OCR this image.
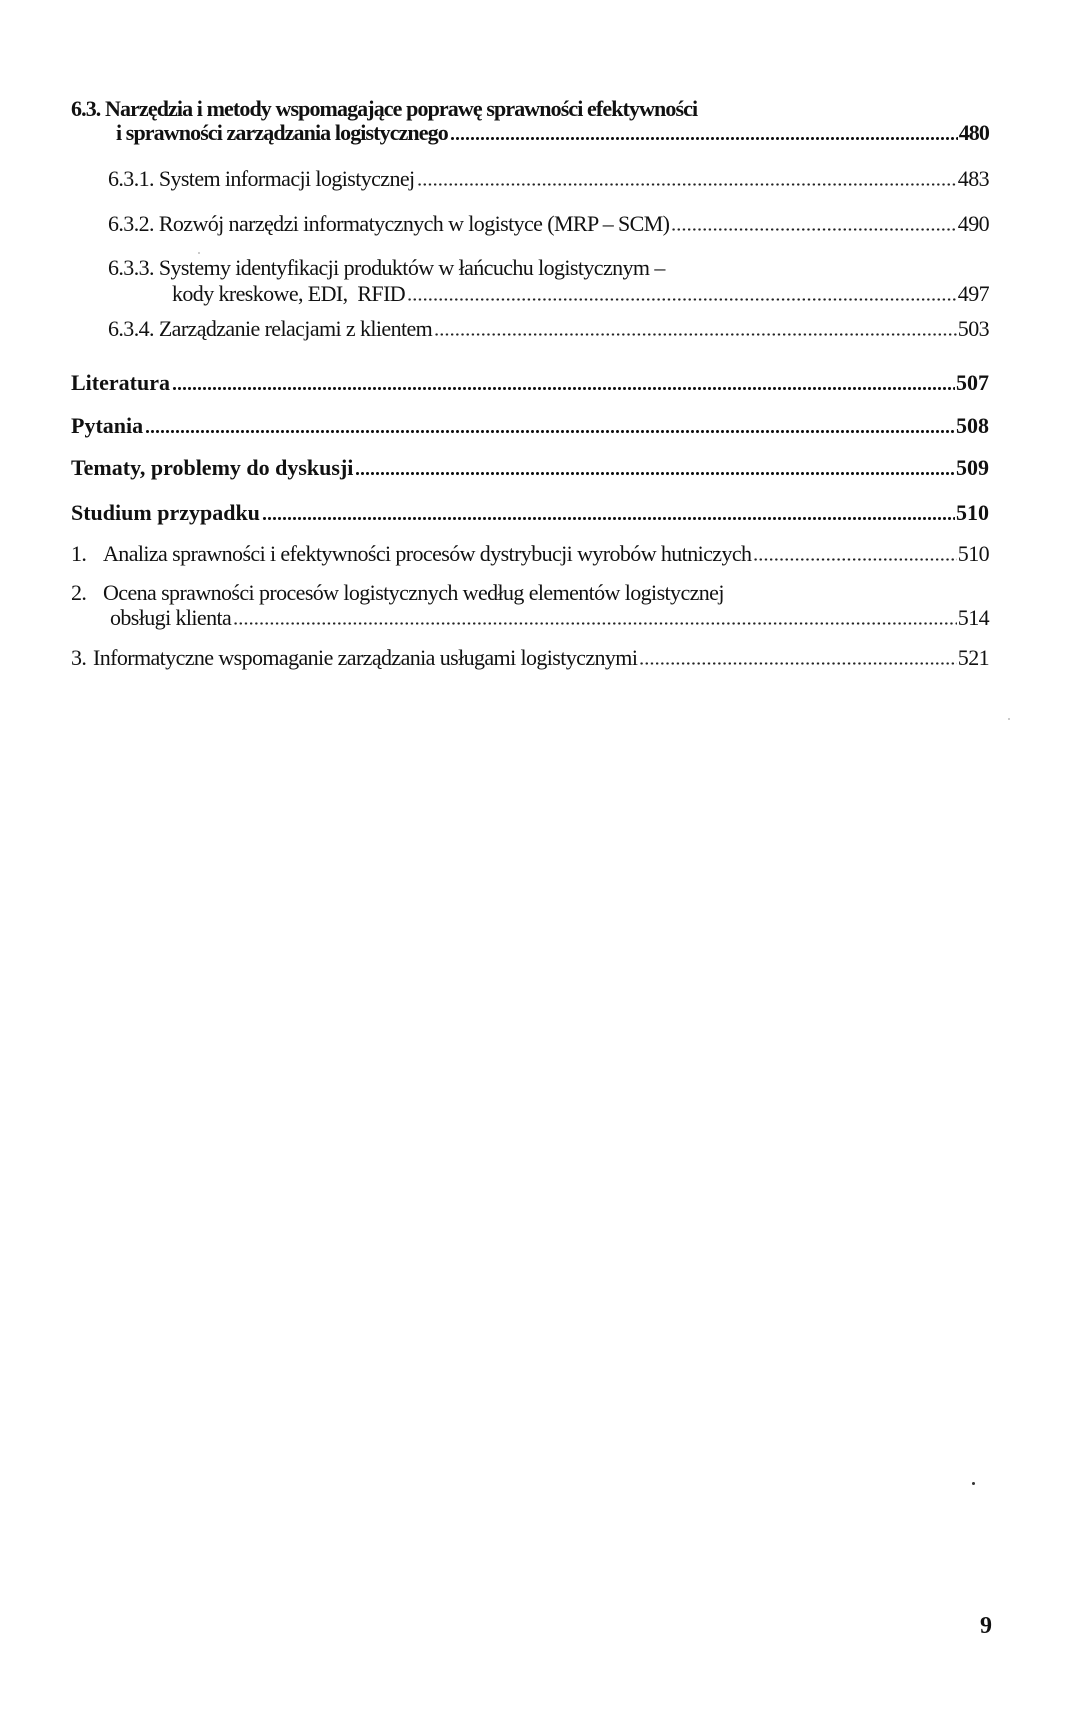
6.3. Narzędzia i metody wspomagające poprawę sprawności efektywności
i sprawności zarządzania logistycznego	480
6.3.1. System informacji logistycznej	483
6.3.2. Rozwój narzędzi informatycznych w logistyce (MRP – SCM)	490
6.3.3. Systemy identyfikacji produktów w łańcuchu logistycznym –
kody kreskowe, EDI,  RFID	497
6.3.4. Zarządzanie relacjami z klientem	503
Literatura	507
Pytania	508
Tematy, problemy do dyskusji	509
Studium przypadku	510
1. Analiza sprawności i efektywności procesów dystrybucji wyrobów hutniczych	510
2. Ocena sprawności procesów logistycznych według elementów logistycznej
obsługi klienta	514
3. Informatyczne wspomaganie zarządzania usługami logistycznymi	521
9
